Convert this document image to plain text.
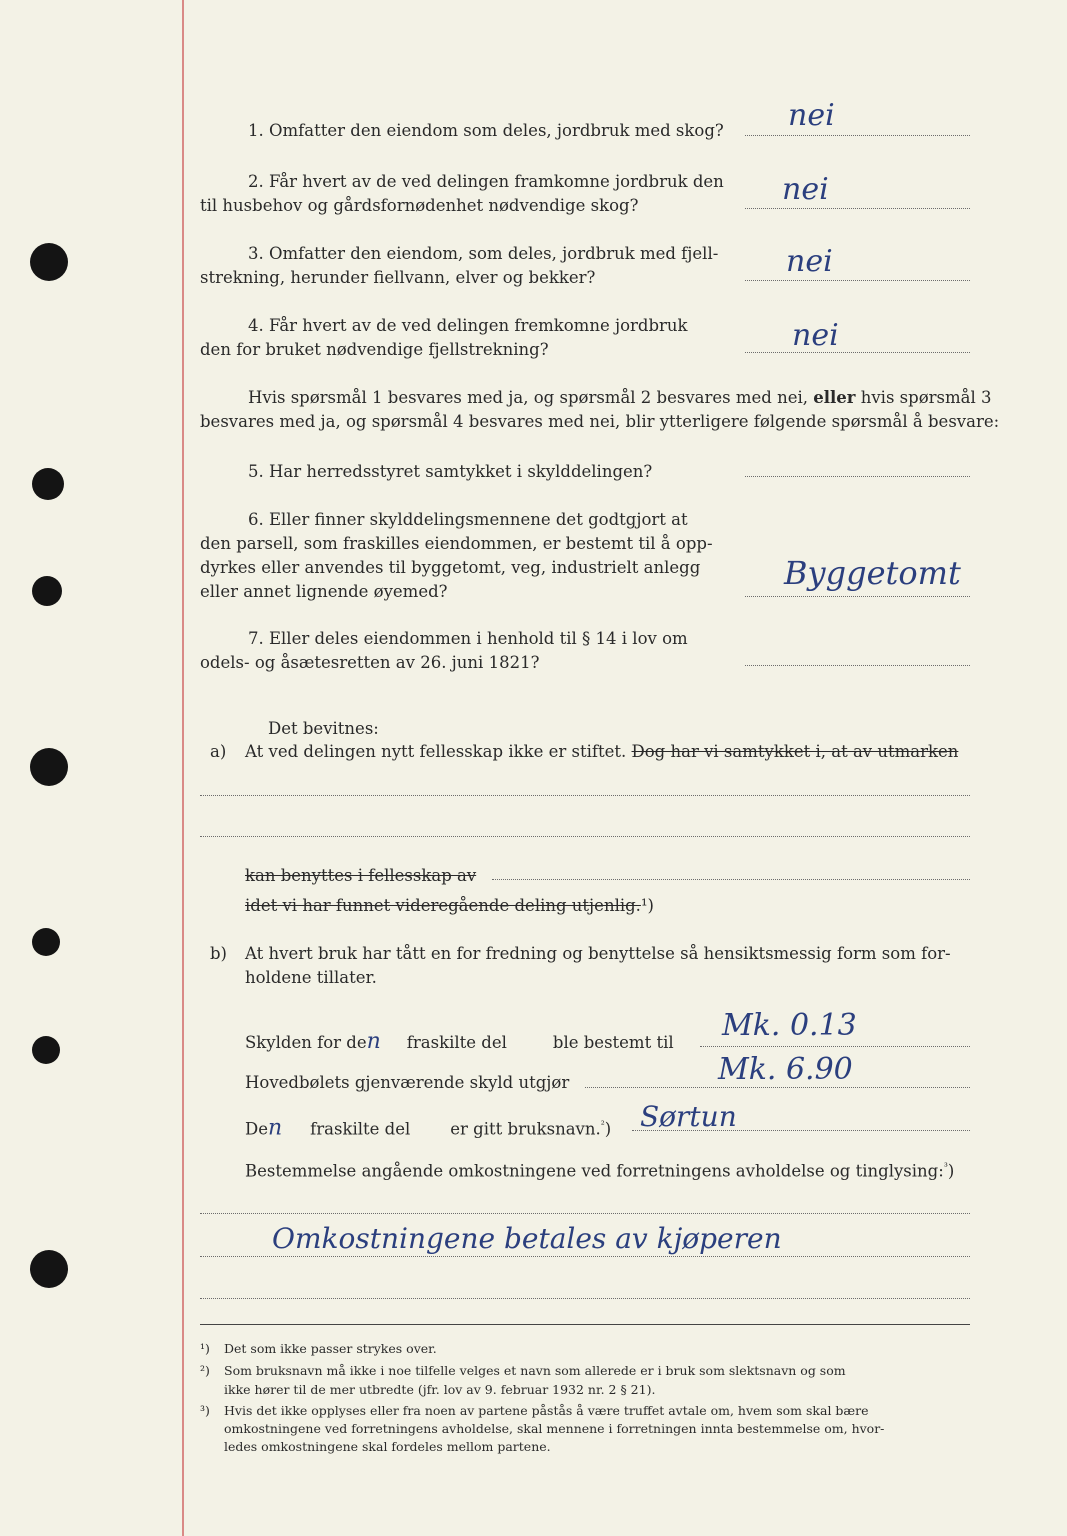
1. Omfatter den eiendom som deles, jordbruk med skog? nei
2. Får hvert av de ved delingen framkomne jordbruk den
til husbehov og gårdsfornødenhet nødvendige skog?	nei
3. Omfatter den eiendom, som deles, jordbruk med fjell-
strekning, herunder fiellvann, elver og bekker?	nei
4. Får hvert av de ved delingen fremkomne jordbruk
den for bruket nødvendige fjellstrekning?	nei
Hvis spørsmål 1 besvares med ja, og spørsmål 2 besvares med nei, eller hvis spørsmål 3
besvares med ja, og spørsmål 4 besvares med nei, blir ytterligere følgende spørsmål å besvare:
5. Har herredsstyret samtykket i skylddelingen?
6. Eller finner skylddelingsmennene det godtgjort at
den parsell, som fraskilles eiendommen, er bestemt til å opp-
dyrkes eller anvendes til byggetomt, veg, industrielt anlegg
eller annet lignende øyemed?	Byggetomt
7. Eller deles eiendommen i henhold til § 14 i lov om
odels- og åsætesretten av 26. juni 1821?
Det bevitnes:
a) At ved delingen nytt fellesskap ikke er stiftet. Dog har vi samtykket i, at av utmarken
kan benyttes i fellesskap av
idet vi har funnet videregående deling utjenlig.¹)
b) At hvert bruk har tått en for fredning og benyttelse så hensiktsmessig form som for-
holdene tillater.
Skylden for den fraskilte del	ble bestemt til Mk. 0.13
Hovedbølets gjenværende skyld utgjør	Mk. 6.90
Den fraskilte del er gitt bruksnavn.$^{^2}$) Sørtun
Bestemmelse angående omkostningene ved forretningens avholdelse og tinglysing:$^{^3}$)
Omkostningene betales av kjøperen
¹) Det som ikke passer strykes over.
²) Som bruksnavn må ikke i noe tilfelle velges et navn som allerede er i bruk som slektsnavn og som
ikke hører til de mer utbredte (jfr. lov av 9. februar 1932 nr. 2 § 21).
³) Hvis det ikke opplyses eller fra noen av partene påstås å være truffet avtale om, hvem som skal bære
omkostningene ved forretningens avholdelse, skal mennene i forretningen innta bestemmelse om, hvor-
ledes omkostningene skal fordeles mellom partene.
